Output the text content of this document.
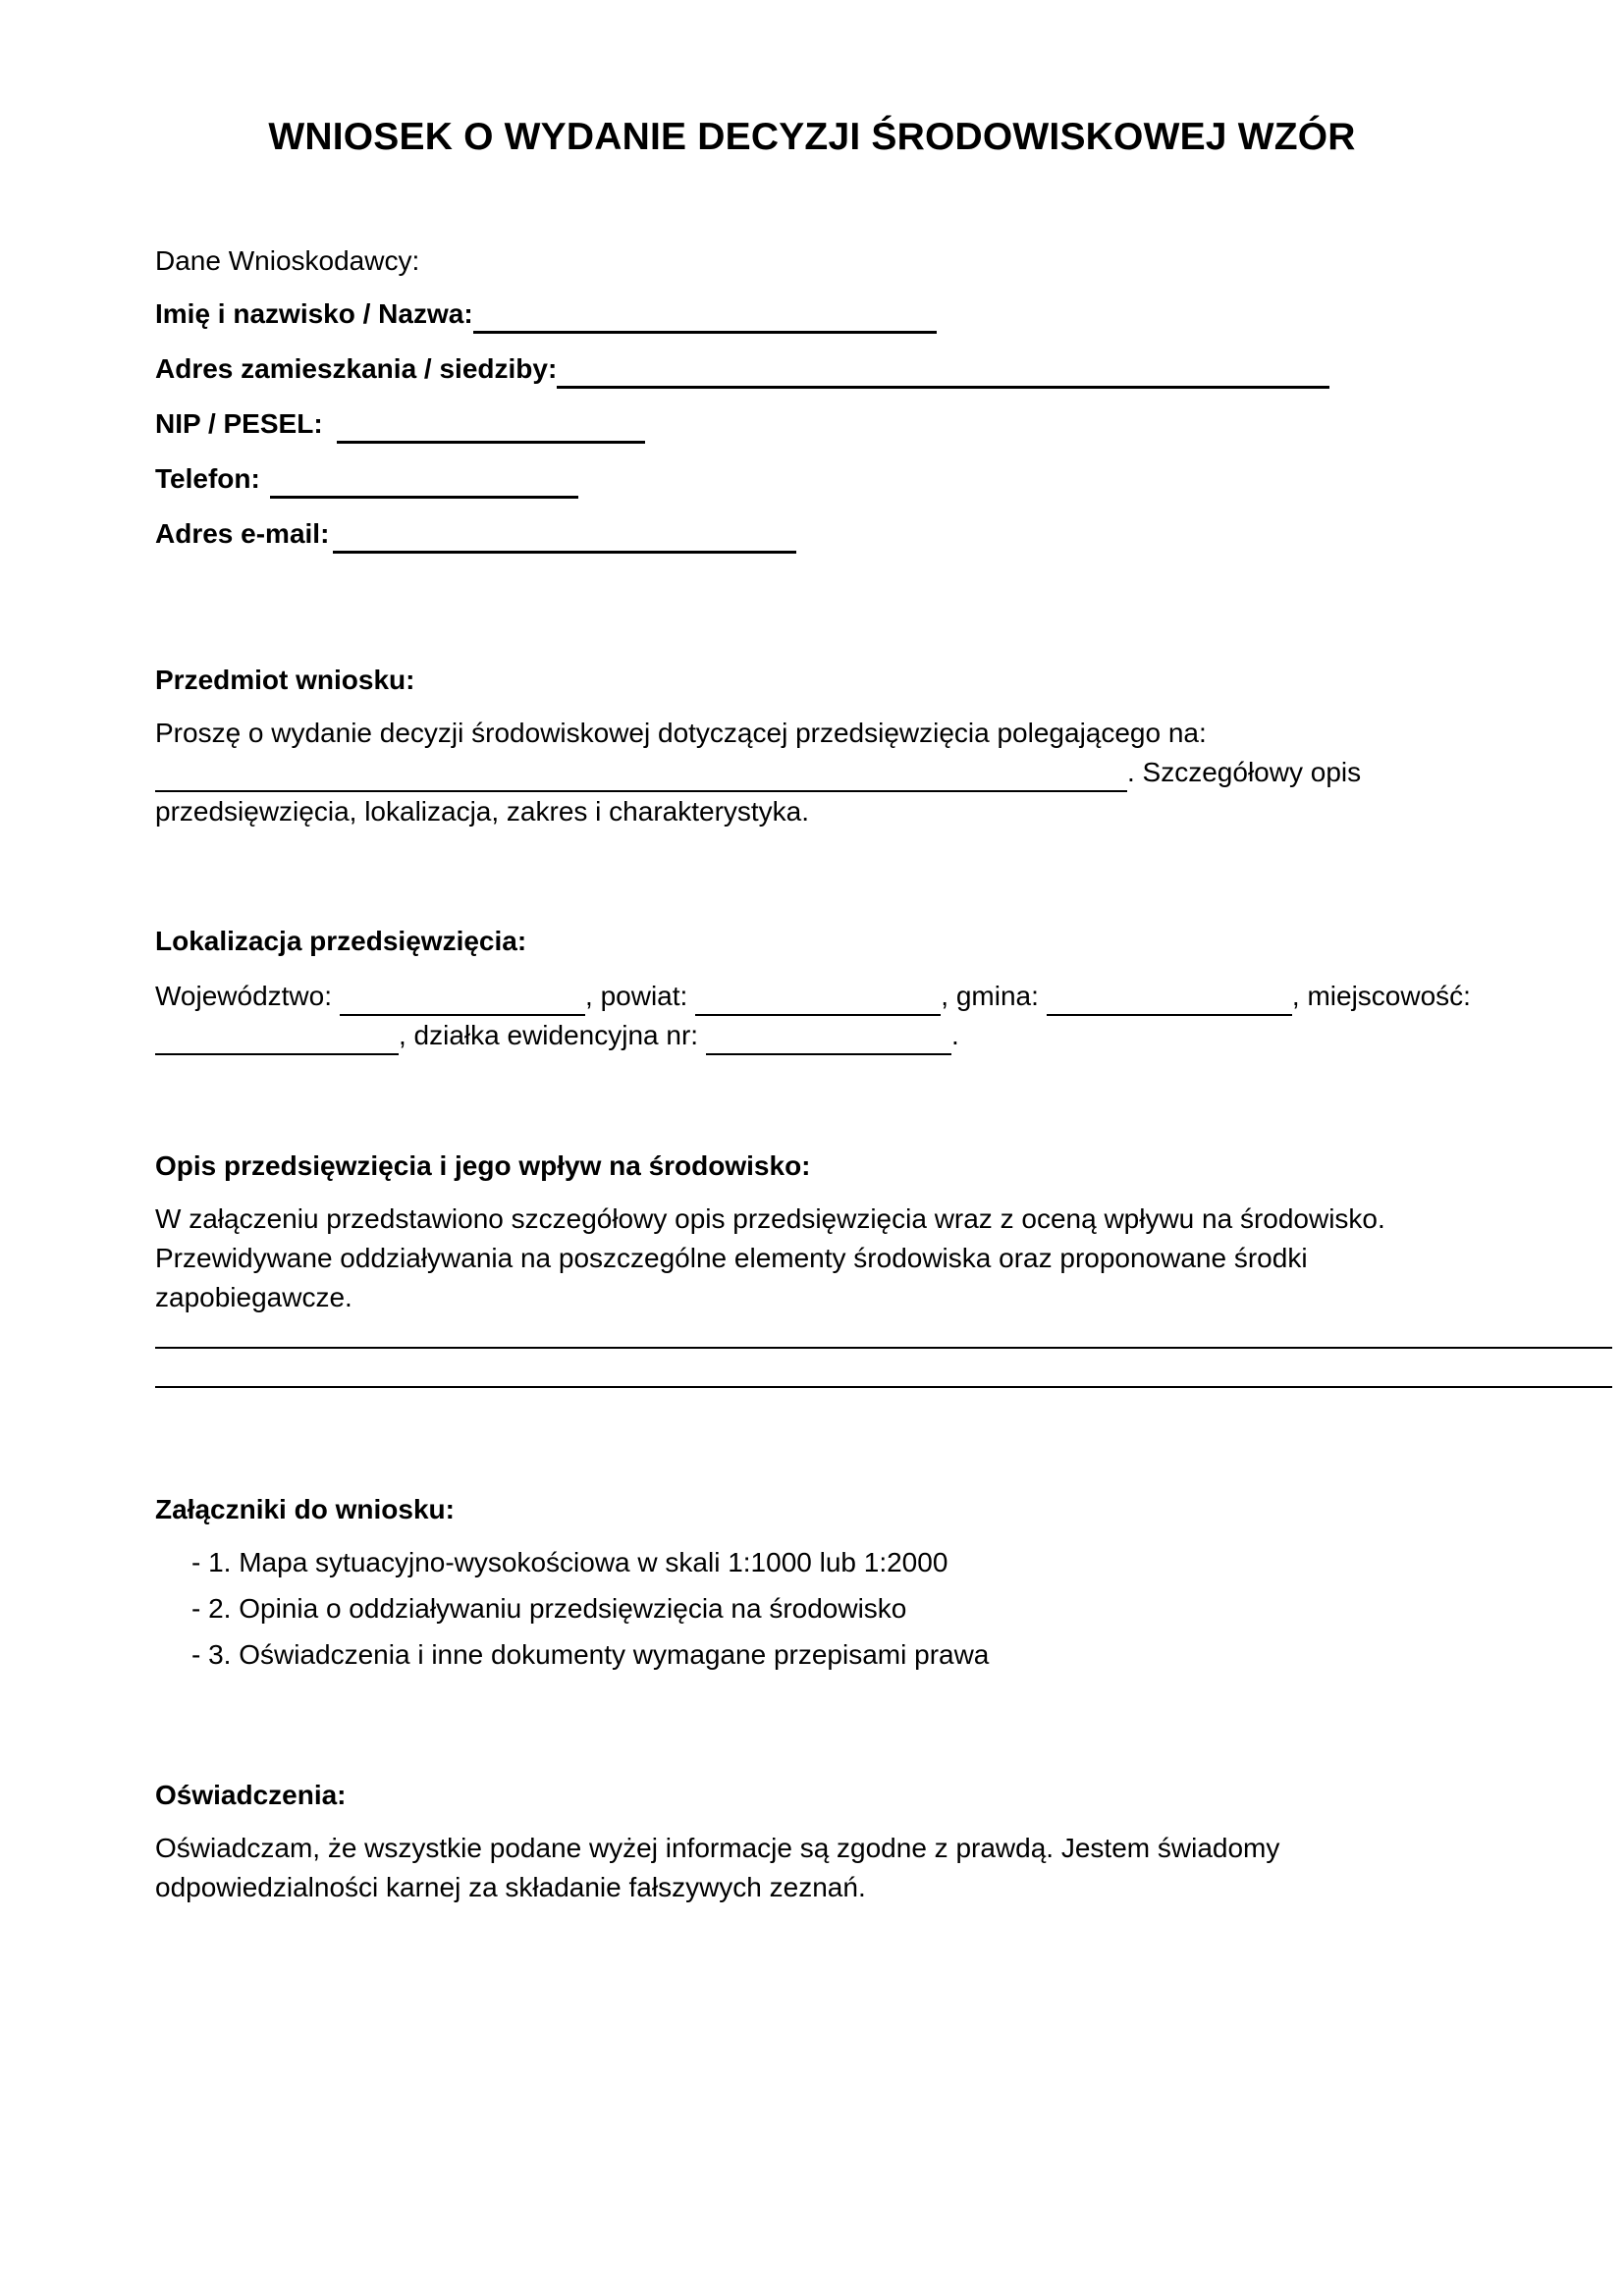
WNIOSEK O WYDANIE DECYZJI ŚRODOWISKOWEJ WZÓR

Dane Wnioskodawcy:

Imię i nazwisko / Nazwa:
Adres zamieszkania / siedziby:
NIP / PESEL:
Telefon:
Adres e-mail:

Przedmiot wniosku:

Proszę o wydanie decyzji środowiskowej dotyczącej przedsięwzięcia polegającego na:

. Szczegółowy opis

przedsięwzięcia, lokalizacja, zakres i charakterystyka.

Lokalizacja przedsięwzięcia:

Województwo:	, powiat:	, gmina:	, miejscowość:
, działka ewidencyjna nr:	.

Opis przedsięwzięcia i jego wpływ na środowisko:

W załączeniu przedstawiono szczegółowy opis przedsięwzięcia wraz z oceną wpływu na środowisko.

Przewidywane oddziaływania na poszczególne elementy środowiska oraz proponowane środki

zapobiegawcze.

Załączniki do wniosku:

- 1. Mapa sytuacyjno-wysokościowa w skali 1:1000 lub 1:2000

- 2. Opinia o oddziaływaniu przedsięwzięcia na środowisko

- 3. Oświadczenia i inne dokumenty wymagane przepisami prawa

Oświadczenia:

Oświadczam, że wszystkie podane wyżej informacje są zgodne z prawdą. Jestem świadomy

odpowiedzialności karnej za składanie fałszywych zeznań.
